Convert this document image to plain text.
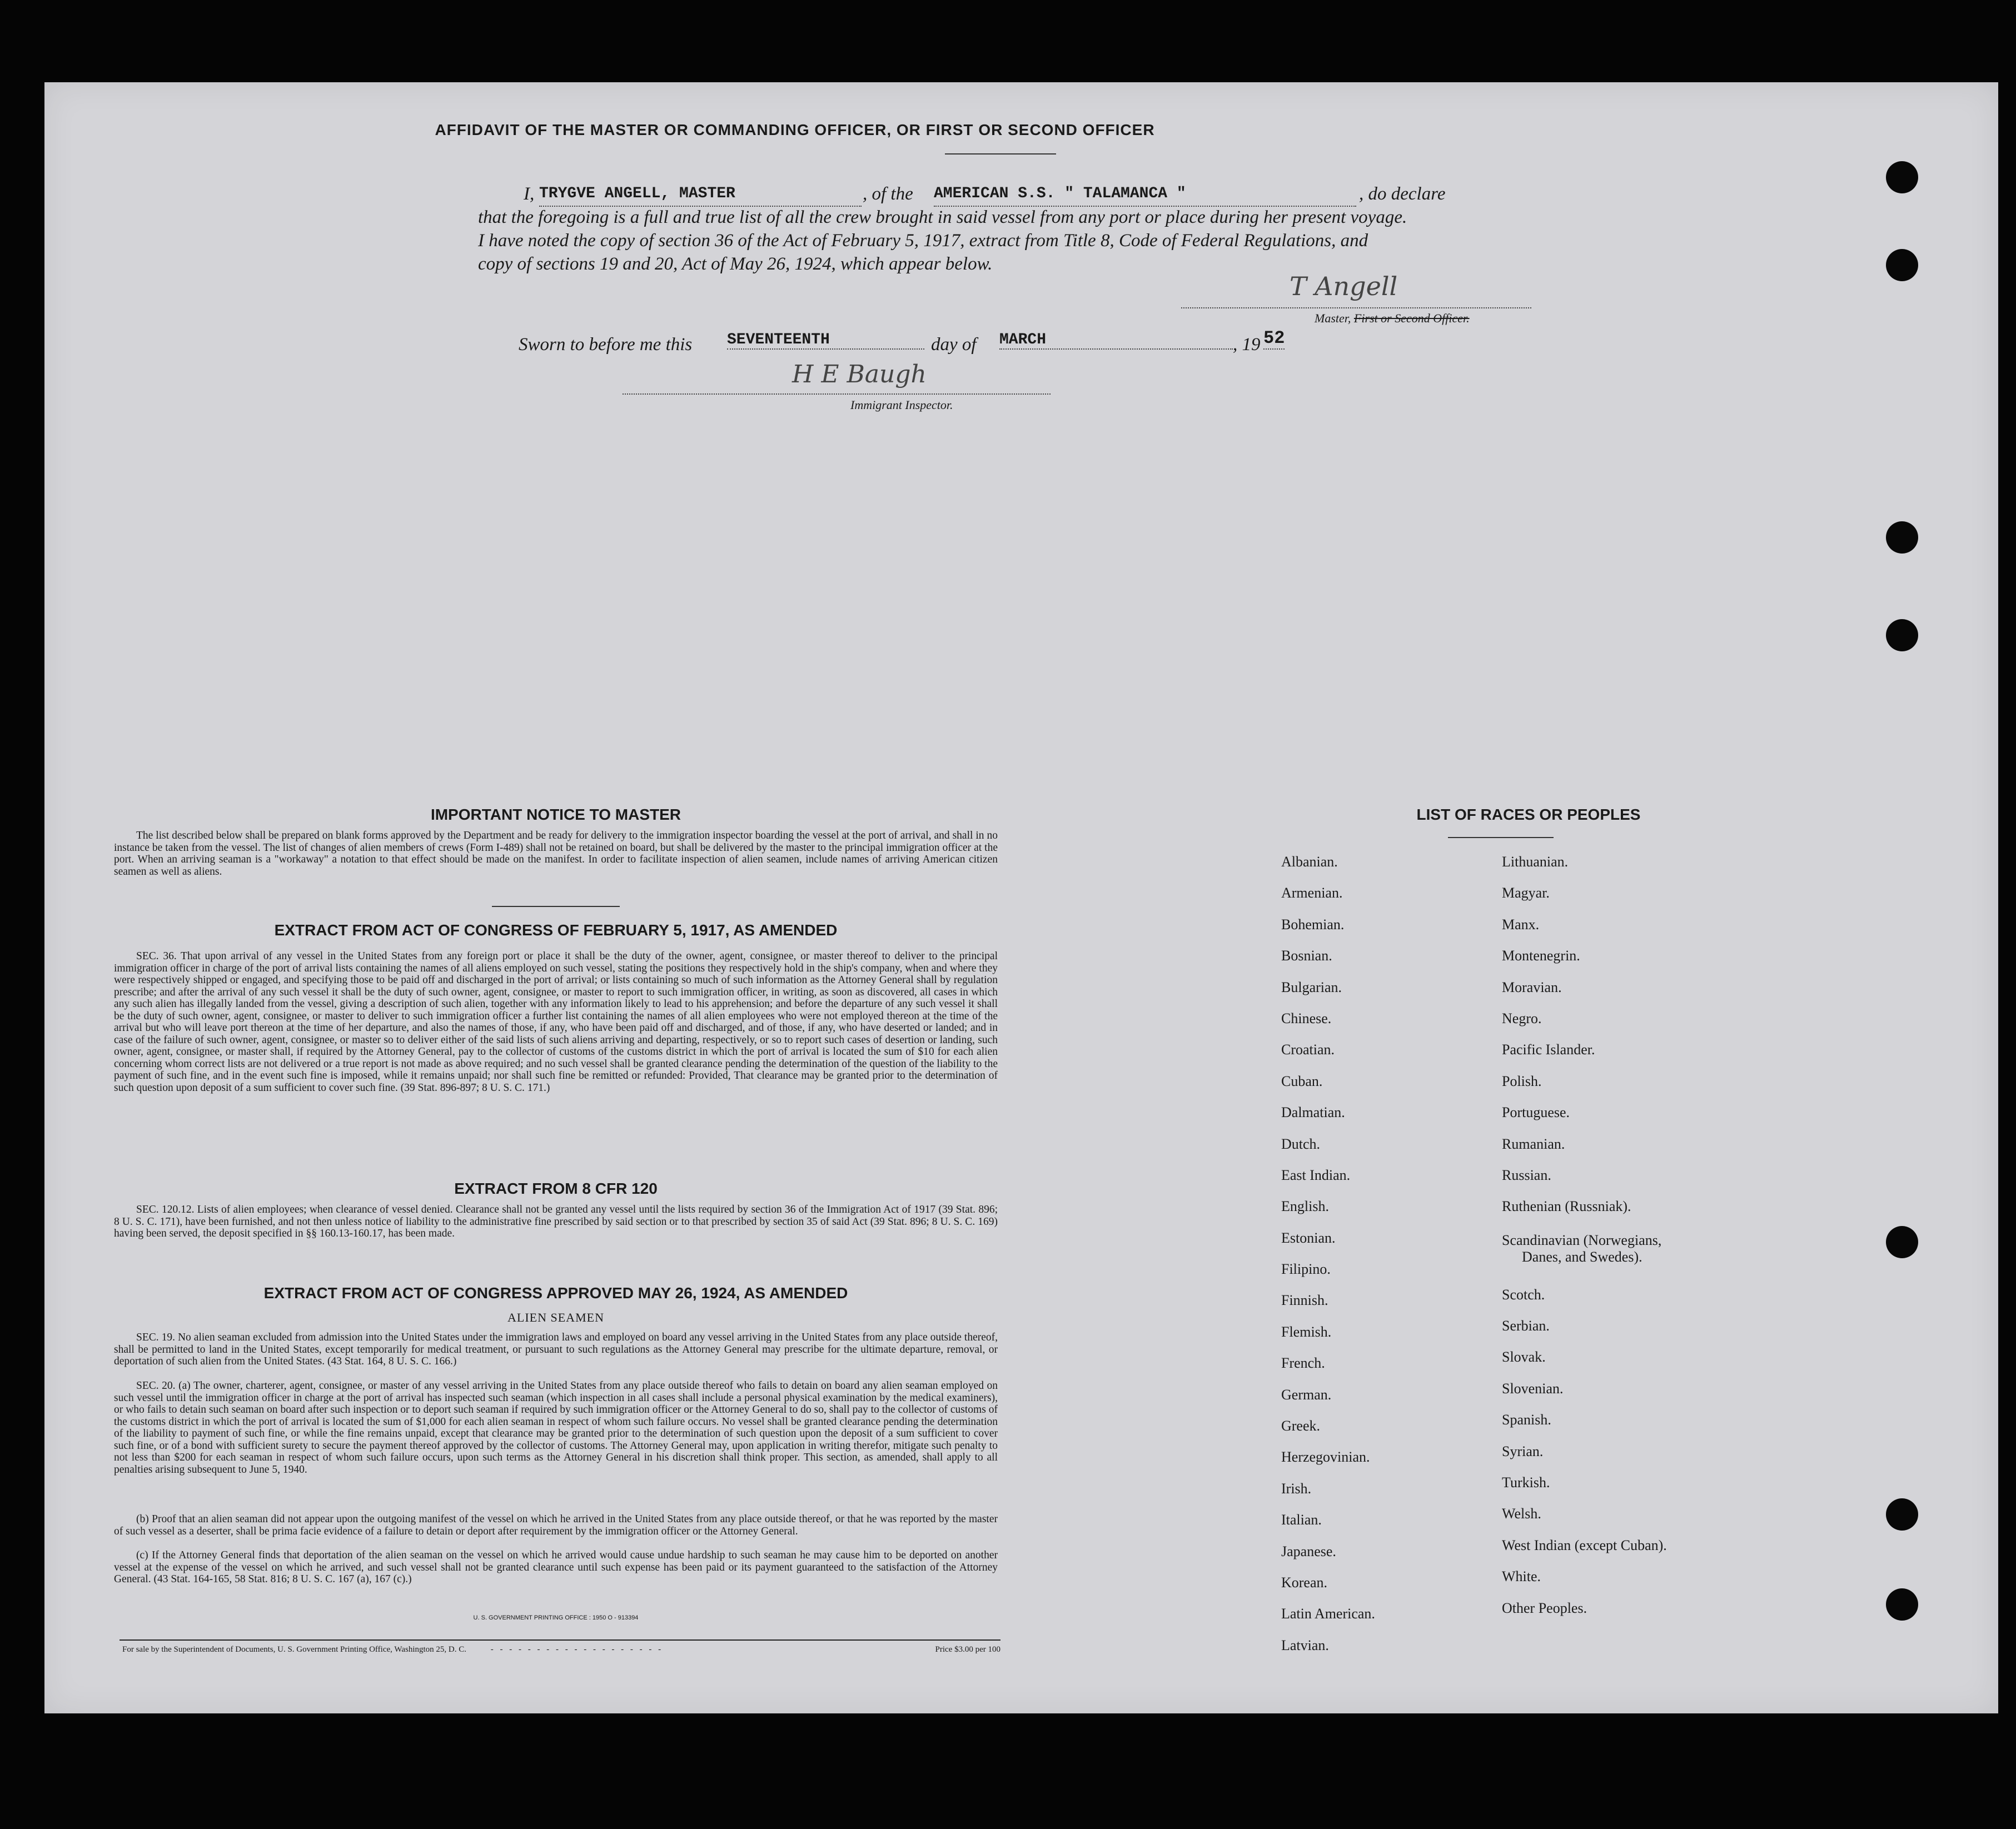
AFFIDAVIT OF THE MASTER OR COMMANDING OFFICER, OR FIRST OR SECOND OFFICER
I, TRYGVE ANGELL, MASTER	, of the AMERICAN S.S. " TALAMANCA "	, do declare
that the foregoing is a full and true list of all the crew brought in said vessel from any port or place during her present voyage.
I have noted the copy of section 36 of the Act of February 5, 1917, extract from Title 8, Code of Federal Regulations, and
copy of sections 19 and 20, Act of May 26, 1924, which appear below.
T Angell
Master, First or Second Officer.
Sworn to before me this SEVENTEENTH	day of MARCH	, 19 52
H E Baugh
Immigrant Inspector.
IMPORTANT NOTICE TO MASTER
The list described below shall be prepared on blank forms approved by the Department and be ready for delivery to the immigration inspector boarding the vessel at the port of arrival, and shall in no instance be taken from the vessel. The list of changes of alien members of crews (Form I-489) shall not be retained on board, but shall be delivered by the master to the principal immigration officer at the port. When an arriving seaman is a "workaway" a notation to that effect should be made on the manifest. In order to facilitate inspection of alien seamen, include names of arriving American citizen seamen as well as aliens.
EXTRACT FROM ACT OF CONGRESS OF FEBRUARY 5, 1917, AS AMENDED
SEC. 36. That upon arrival of any vessel in the United States from any foreign port or place it shall be the duty of the owner, agent, consignee, or master thereof to deliver to the principal immigration officer in charge of the port of arrival lists containing the names of all aliens employed on such vessel, stating the positions they respectively hold in the ship's company, when and where they were respectively shipped or engaged, and specifying those to be paid off and discharged in the port of arrival; or lists containing so much of such information as the Attorney General shall by regulation prescribe; and after the arrival of any such vessel it shall be the duty of such owner, agent, consignee, or master to report to such immigration officer, in writing, as soon as discovered, all cases in which any such alien has illegally landed from the vessel, giving a description of such alien, together with any information likely to lead to his apprehension; and before the departure of any such vessel it shall be the duty of such owner, agent, consignee, or master to deliver to such immigration officer a further list containing the names of all alien employees who were not employed thereon at the time of the arrival but who will leave port thereon at the time of her departure, and also the names of those, if any, who have been paid off and discharged, and of those, if any, who have deserted or landed; and in case of the failure of such owner, agent, consignee, or master so to deliver either of the said lists of such aliens arriving and departing, respectively, or so to report such cases of desertion or landing, such owner, agent, consignee, or master shall, if required by the Attorney General, pay to the collector of customs of the customs district in which the port of arrival is located the sum of $10 for each alien concerning whom correct lists are not delivered or a true report is not made as above required; and no such vessel shall be granted clearance pending the determination of the question of the liability to the payment of such fine, and in the event such fine is imposed, while it remains unpaid; nor shall such fine be remitted or refunded: Provided, That clearance may be granted prior to the determination of such question upon deposit of a sum sufficient to cover such fine. (39 Stat. 896-897; 8 U. S. C. 171.)
EXTRACT FROM 8 CFR 120
SEC. 120.12. Lists of alien employees; when clearance of vessel denied. Clearance shall not be granted any vessel until the lists required by section 36 of the Immigration Act of 1917 (39 Stat. 896; 8 U. S. C. 171), have been furnished, and not then unless notice of liability to the administrative fine prescribed by said section or to that prescribed by section 35 of said Act (39 Stat. 896; 8 U. S. C. 169) having been served, the deposit specified in §§ 160.13-160.17, has been made.
EXTRACT FROM ACT OF CONGRESS APPROVED MAY 26, 1924, AS AMENDED
ALIEN SEAMEN
SEC. 19. No alien seaman excluded from admission into the United States under the immigration laws and employed on board any vessel arriving in the United States from any place outside thereof, shall be permitted to land in the United States, except temporarily for medical treatment, or pursuant to such regulations as the Attorney General may prescribe for the ultimate departure, removal, or deportation of such alien from the United States. (43 Stat. 164, 8 U. S. C. 166.)
SEC. 20. (a) The owner, charterer, agent, consignee, or master of any vessel arriving in the United States from any place outside thereof who fails to detain on board any alien seaman employed on such vessel until the immigration officer in charge at the port of arrival has inspected such seaman (which inspection in all cases shall include a personal physical examination by the medical examiners), or who fails to detain such seaman on board after such inspection or to deport such seaman if required by such immigration officer or the Attorney General to do so, shall pay to the collector of customs of the customs district in which the port of arrival is located the sum of $1,000 for each alien seaman in respect of whom such failure occurs. No vessel shall be granted clearance pending the determination of the liability to payment of such fine, or while the fine remains unpaid, except that clearance may be granted prior to the determination of such question upon the deposit of a sum sufficient to cover such fine, or of a bond with sufficient surety to secure the payment thereof approved by the collector of customs. The Attorney General may, upon application in writing therefor, mitigate such penalty to not less than $200 for each seaman in respect of whom such failure occurs, upon such terms as the Attorney General in his discretion shall think proper. This section, as amended, shall apply to all penalties arising subsequent to June 5, 1940.
(b) Proof that an alien seaman did not appear upon the outgoing manifest of the vessel on which he arrived in the United States from any place outside thereof, or that he was reported by the master of such vessel as a deserter, shall be prima facie evidence of a failure to detain or deport after requirement by the immigration officer or the Attorney General.
(c) If the Attorney General finds that deportation of the alien seaman on the vessel on which he arrived would cause undue hardship to such seaman he may cause him to be deported on another vessel at the expense of the vessel on which he arrived, and such vessel shall not be granted clearance until such expense has been paid or its payment guaranteed to the satisfaction of the Attorney General. (43 Stat. 164-165, 58 Stat. 816; 8 U. S. C. 167 (a), 167 (c).)
U. S. GOVERNMENT PRINTING OFFICE : 1950 O - 913394
For sale by the Superintendent of Documents, U. S. Government Printing Office, Washington 25, D. C.	- - - - - - - - - - - - - - - - - - -	Price $3.00 per 100
LIST OF RACES OR PEOPLES
Albanian.
Armenian.
Bohemian.
Bosnian.
Bulgarian.
Chinese.
Croatian.
Cuban.
Dalmatian.
Dutch.
East Indian.
English.
Estonian.
Filipino.
Finnish.
Flemish.
French.
German.
Greek.
Herzegovinian.
Irish.
Italian.
Japanese.
Korean.
Latin American.
Latvian.
Lithuanian.
Magyar.
Manx.
Montenegrin.
Moravian.
Negro.
Pacific Islander.
Polish.
Portuguese.
Rumanian.
Russian.
Ruthenian (Russniak).
Scandinavian (Norwegians,
Danes, and Swedes).
Scotch.
Serbian.
Slovak.
Slovenian.
Spanish.
Syrian.
Turkish.
Welsh.
West Indian (except Cuban).
White.
Other Peoples.
